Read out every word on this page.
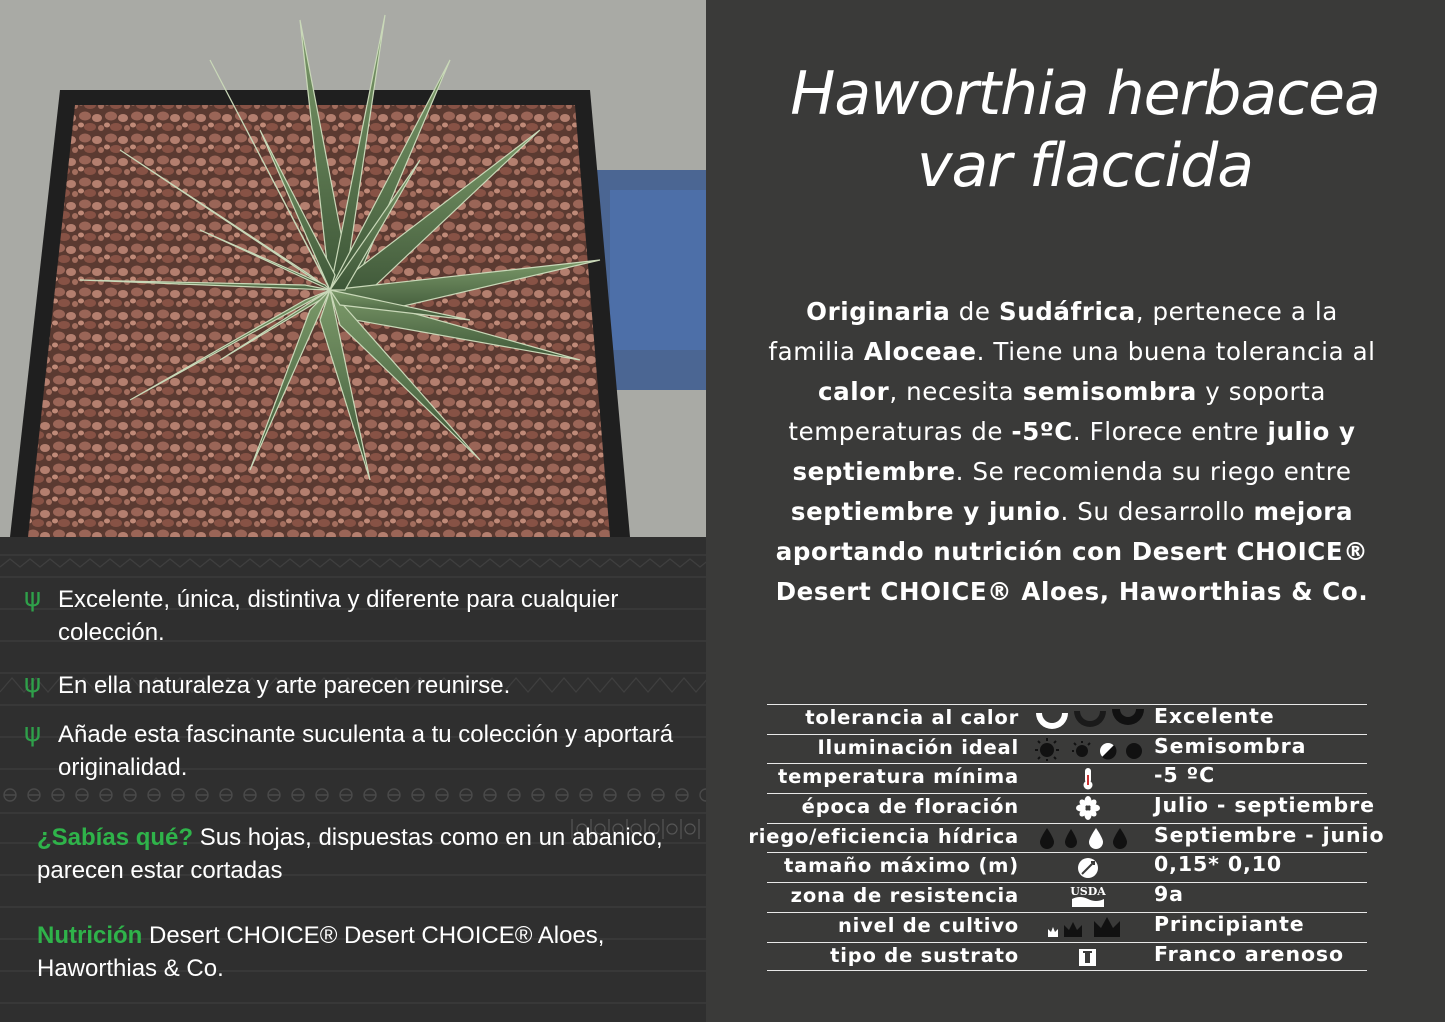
ψ Excelente, única, distintiva y diferente para cualquier colección.
ψ En ella naturaleza y arte parecen reunirse.
ψ Añade esta fascinante suculenta a tu colección y aportará originalidad.
¿Sabías qué? Sus hojas, dispuestas como en un abanico, parecen estar cortadas
Nutrición Desert CHOICE® Desert CHOICE® Aloes, Haworthias & Co.
Haworthia herbacea
var flaccida
Originaria de Sudáfrica, pertenece a la familia Aloceae. Tiene una buena tolerancia al calor, necesita semisombra y soporta temperaturas de -5ºC. Florece entre julio y septiembre. Se recomienda su riego entre septiembre y junio. Su desarrollo mejora aportando nutrición con Desert CHOICE® Desert CHOICE® Aloes, Haworthias & Co.
tolerancia al calor	Excelente
Iluminación ideal	Semisombra
temperatura mínima	-5 ºC
época de floración	Julio - septiembre
riego/eficiencia hídrica	Septiembre - junio
tamaño máximo (m)	0,15* 0,10
zona de resistencia	USDA 9a
nivel de cultivo	Principiante
tipo de sustrato	Franco arenoso
